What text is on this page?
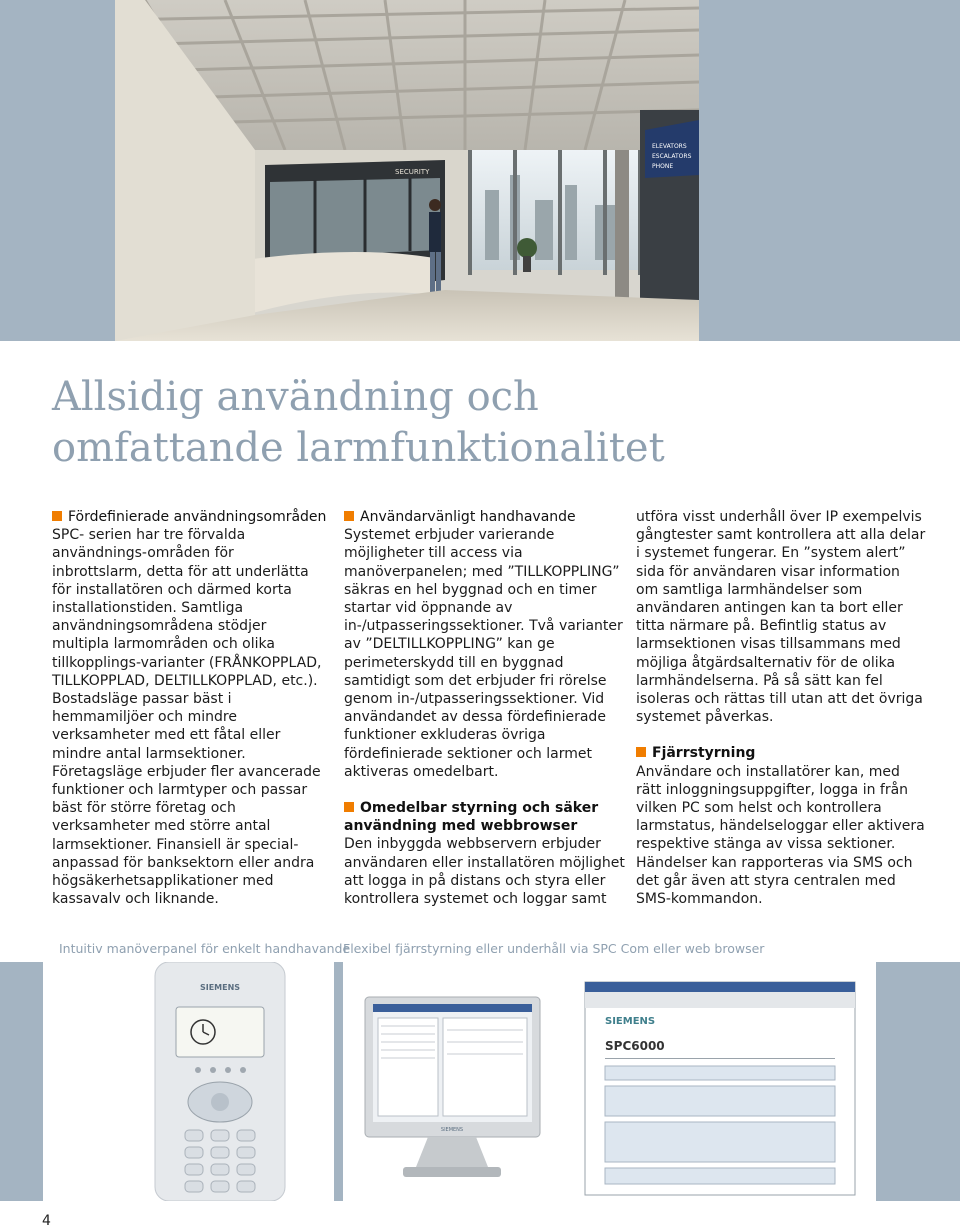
ELEVATORS
ESCALATORS
PHONE
SECURITY
Allsidig användning och
omfattande larmfunktionalitet
Fördefinierade användningsområden

SPC- serien har tre förvalda användnings-områden för inbrottslarm, detta för att underlätta för installatören och därmed korta installationstiden. Samtliga användningsområdena stödjer multipla larmområden och olika tillkopplings-varianter (FRÅNKOPPLAD, TILLKOPPLAD, DELTILLKOPPLAD, etc.). Bostadsläge passar bäst i hemmamiljöer och mindre verksamheter med ett fåtal eller mindre antal larmsektioner. Företagsläge erbjuder fler avancerade funktioner och larmtyper och passar bäst för större företag och verksamheter med större antal larmsektioner. Finansiell är special-anpassad för banksektorn eller andra högsäkerhetsapplikationer med kassavalv och liknande.

Användarvänligt handhavande

Systemet erbjuder varierande möjligheter till access via manöverpanelen; med ”TILLKOPPLING” säkras en hel byggnad och en timer startar vid öppnande av in-/utpasseringssektioner. Två varianter av ”DELTILLKOPPLING” kan ge perimeterskydd till en byggnad samtidigt som det erbjuder fri rörelse genom in-/utpasseringssektioner. Vid användandet av dessa fördefinierade funktioner exkluderas övriga fördefinierade sektioner och larmet aktiveras omedelbart.

Omedelbar styrning och säker användning med webbrowser

Den inbyggda webbservern erbjuder användaren eller installatören möjlighet att logga in på distans och styra eller kontrollera systemet och loggar samt

utföra visst underhåll över IP exempelvis gångtester samt kontrollera att alla delar i systemet fungerar. En ”system alert” sida för användaren visar information om samtliga larmhändelser som användaren antingen kan ta bort eller titta närmare på. Befintlig status av larmsektionen visas tillsammans med möjliga åtgärdsalternativ för de olika larmhändelserna. På så sätt kan fel isoleras och rättas till utan att det övriga systemet påverkas.

Fjärrstyrning

Användare och installatörer kan, med rätt inloggningsuppgifter, logga in från vilken PC som helst och kontrollera larmstatus, händelseloggar eller aktivera respektive stänga av vissa sektioner. Händelser kan rapporteras via SMS och det går även att styra centralen med SMS-kommandon.

Intuitiv manöverpanel för enkelt handhavande
Flexibel fjärrstyrning eller underhåll via SPC Com eller web browser
SIEMENS
SIEMENS
SIEMENS
SPC6000
4
